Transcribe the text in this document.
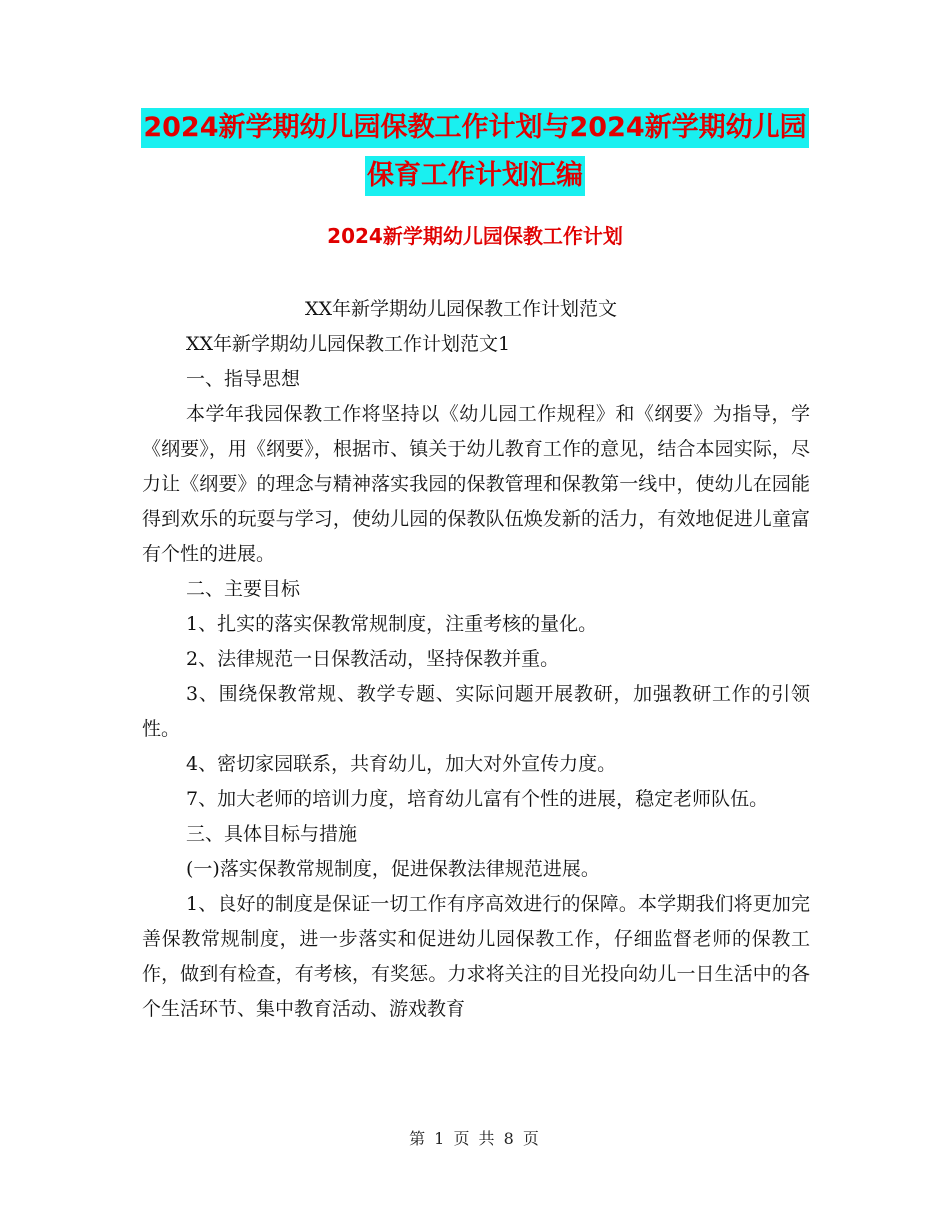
2024新学期幼儿园保教工作计划与2024新学期幼儿园
保育工作计划汇编
2024新学期幼儿园保教工作计划

XX年新学期幼儿园保教工作计划范文

XX年新学期幼儿园保教工作计划范文1

一、指导思想

本学年我园保教工作将坚持以《幼儿园工作规程》和《纲要》为指导，学《纲要》，用《纲要》，根据市、镇关于幼儿教育工作的意见，结合本园实际，尽力让《纲要》的理念与精神落实我园的保教管理和保教第一线中，使幼儿在园能得到欢乐的玩耍与学习，使幼儿园的保教队伍焕发新的活力，有效地促进儿童富有个性的进展。

二、主要目标

1、扎实的落实保教常规制度，注重考核的量化。

2、法律规范一日保教活动，坚持保教并重。

3、围绕保教常规、教学专题、实际问题开展教研，加强教研工作的引领性。

4、密切家园联系，共育幼儿，加大对外宣传力度。

7、加大老师的培训力度，培育幼儿富有个性的进展，稳定老师队伍。

三、具体目标与措施

(一)落实保教常规制度，促进保教法律规范进展。

1、良好的制度是保证一切工作有序高效进行的保障。本学期我们将更加完善保教常规制度，进一步落实和促进幼儿园保教工作，仔细监督老师的保教工作，做到有检查，有考核，有奖惩。力求将关注的目光投向幼儿一日生活中的各个生活环节、集中教育活动、游戏教育

第 1 页 共 8 页
